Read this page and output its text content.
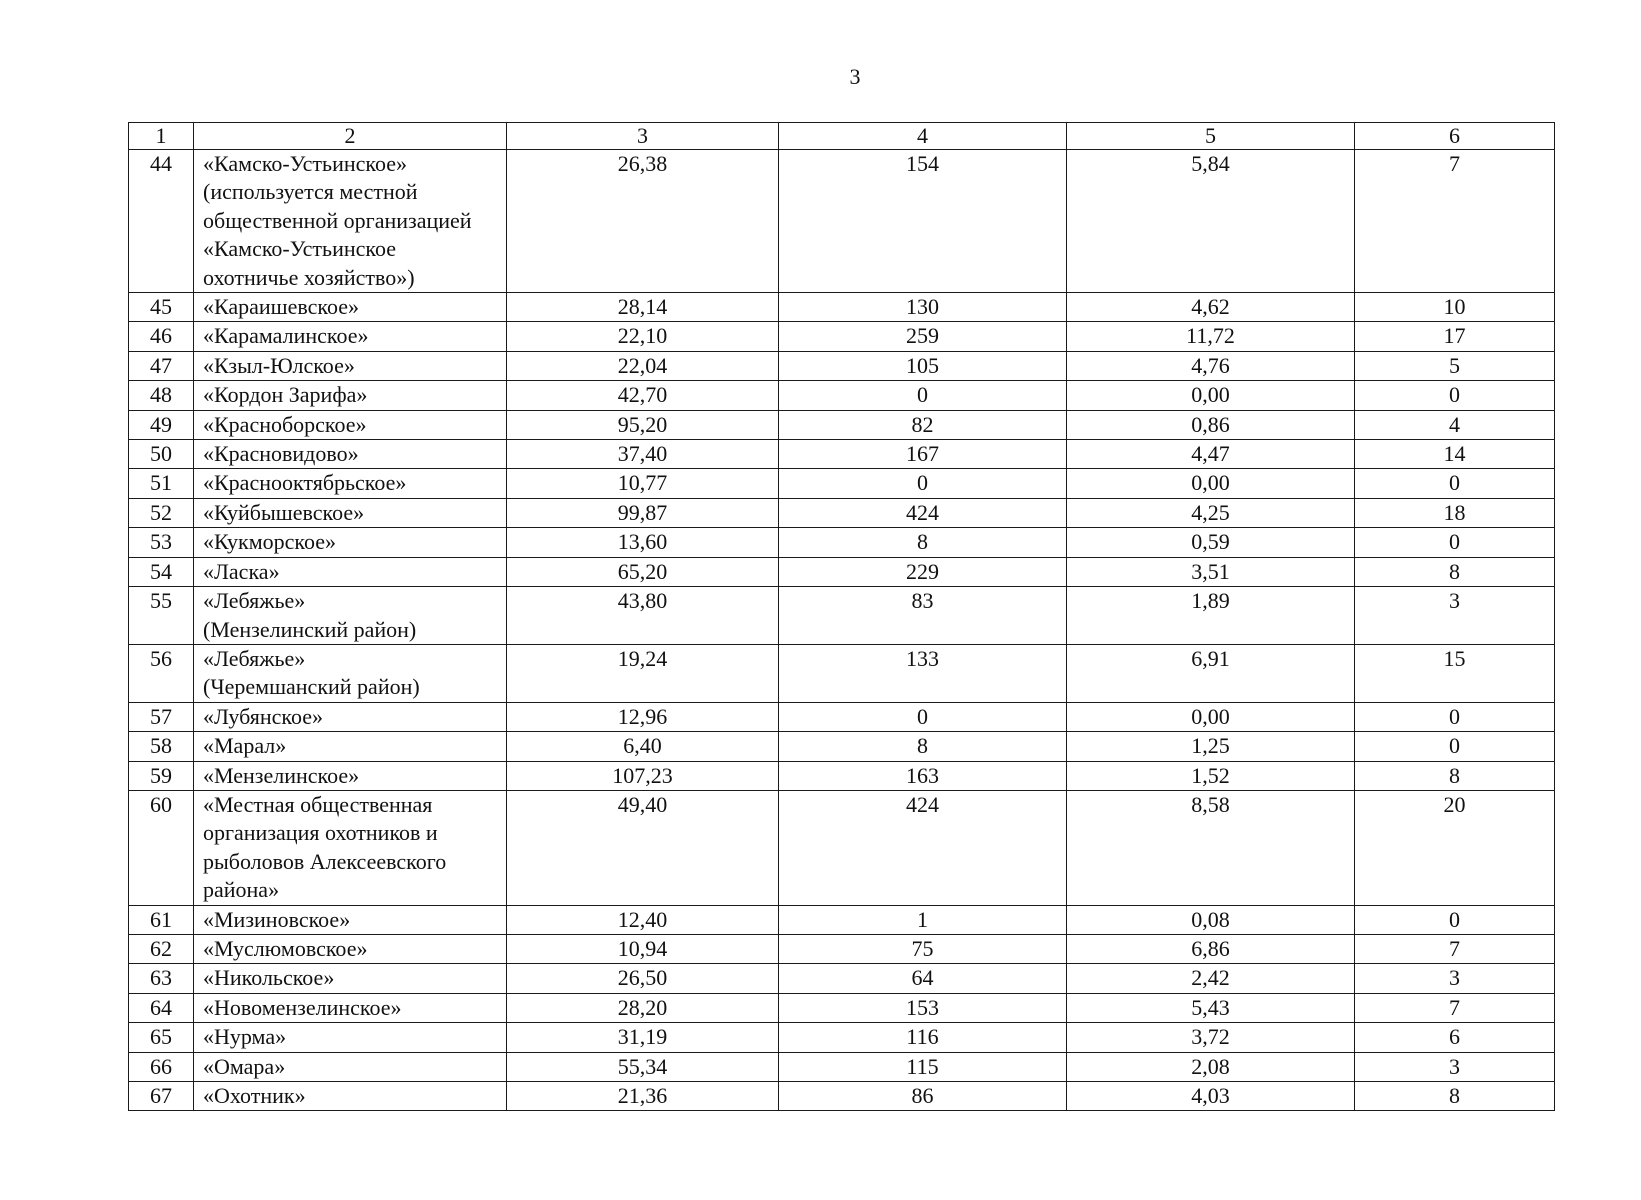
3
1	2	3	4	5	6
44	«Камско-Устьинское»
(используется местной
общественной организацией
«Камско-Устьинское
охотничье хозяйство»)	26,38	154	5,84	7
45	«Караишевское»	28,14	130	4,62	10
46	«Карамалинское»	22,10	259	11,72	17
47	«Кзыл-Юлское»	22,04	105	4,76	5
48	«Кордон Зарифа»	42,70	0	0,00	0
49	«Красноборское»	95,20	82	0,86	4
50	«Красновидово»	37,40	167	4,47	14
51	«Краснооктябрьское»	10,77	0	0,00	0
52	«Куйбышевское»	99,87	424	4,25	18
53	«Кукморское»	13,60	8	0,59	0
54	«Ласка»	65,20	229	3,51	8
55	«Лебяжье»
(Мензелинский район)	43,80	83	1,89	3
56	«Лебяжье»
(Черемшанский район)	19,24	133	6,91	15
57	«Лубянское»	12,96	0	0,00	0
58	«Марал»	6,40	8	1,25	0
59	«Мензелинское»	107,23	163	1,52	8
60	«Местная общественная
организация охотников и
рыболовов Алексеевского
района»	49,40	424	8,58	20
61	«Мизиновское»	12,40	1	0,08	0
62	«Муслюмовское»	10,94	75	6,86	7
63	«Никольское»	26,50	64	2,42	3
64	«Новомензелинское»	28,20	153	5,43	7
65	«Нурма»	31,19	116	3,72	6
66	«Омара»	55,34	115	2,08	3
67	«Охотник»	21,36	86	4,03	8
